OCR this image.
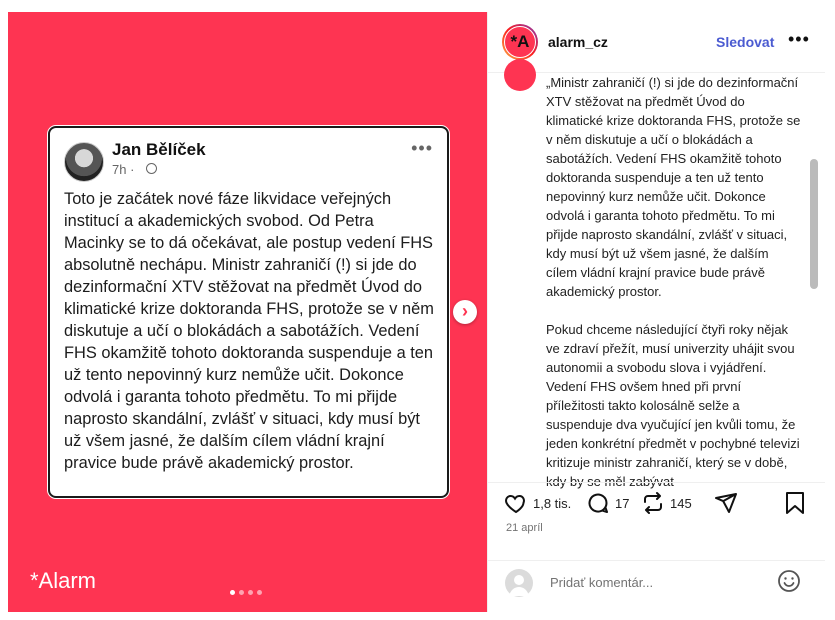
Jan Bělíček
7h ·
•••
Toto je začátek nové fáze likvidace veřejných institucí a akademických svobod. Od Petra Macinky se to dá očekávat, ale postup vedení FHS absolutně nechápu. Ministr zahraničí (!) si jde do dezinformační XTV stěžovat na předmět Úvod do klimatické krize doktoranda FHS, protože se v něm diskutuje a učí o blokádách a sabotážích. Vedení FHS okamžitě tohoto doktoranda suspenduje a ten už tento nepovinný kurz nemůže učit. Dokonce odvolá i garanta tohoto předmětu. To mi přijde naprosto skandální, zvlášť v situaci, kdy musí být už všem jasné, že dalším cílem vládní krajní pravice bude právě akademický prostor.
*Alarm
›
*A	alarm_cz	Sledovat •••

„Ministr zahraničí (!) si jde do dezinformační XTV stěžovat na předmět Úvod do klimatické krize doktoranda FHS, protože se v něm diskutuje a učí o blokádách a sabotážích. Vedení FHS okamžitě tohoto doktoranda suspenduje a ten už tento nepovinný kurz nemůže učit. Dokonce odvolá i garanta tohoto předmětu. To mi přijde naprosto skandální, zvlášť v situaci, kdy musí být už všem jasné, že dalším cílem vládní krajní pravice bude právě akademický prostor.

Pokud chceme následující čtyři roky nějak ve zdraví přežít, musí univerzity uhájit svou autonomii a svobodu slova i vyjádření. Vedení FHS ovšem hned při první příležitosti takto kolosálně selže a suspenduje dva vyučující jen kvůli tomu, že jeden konkrétní předmět v pochybné televizi kritizuje ministr zahraničí, který se v době, kdy by se měl zabývat

1,8 tis.	17	145
21 apríl
Pridať komentár...
